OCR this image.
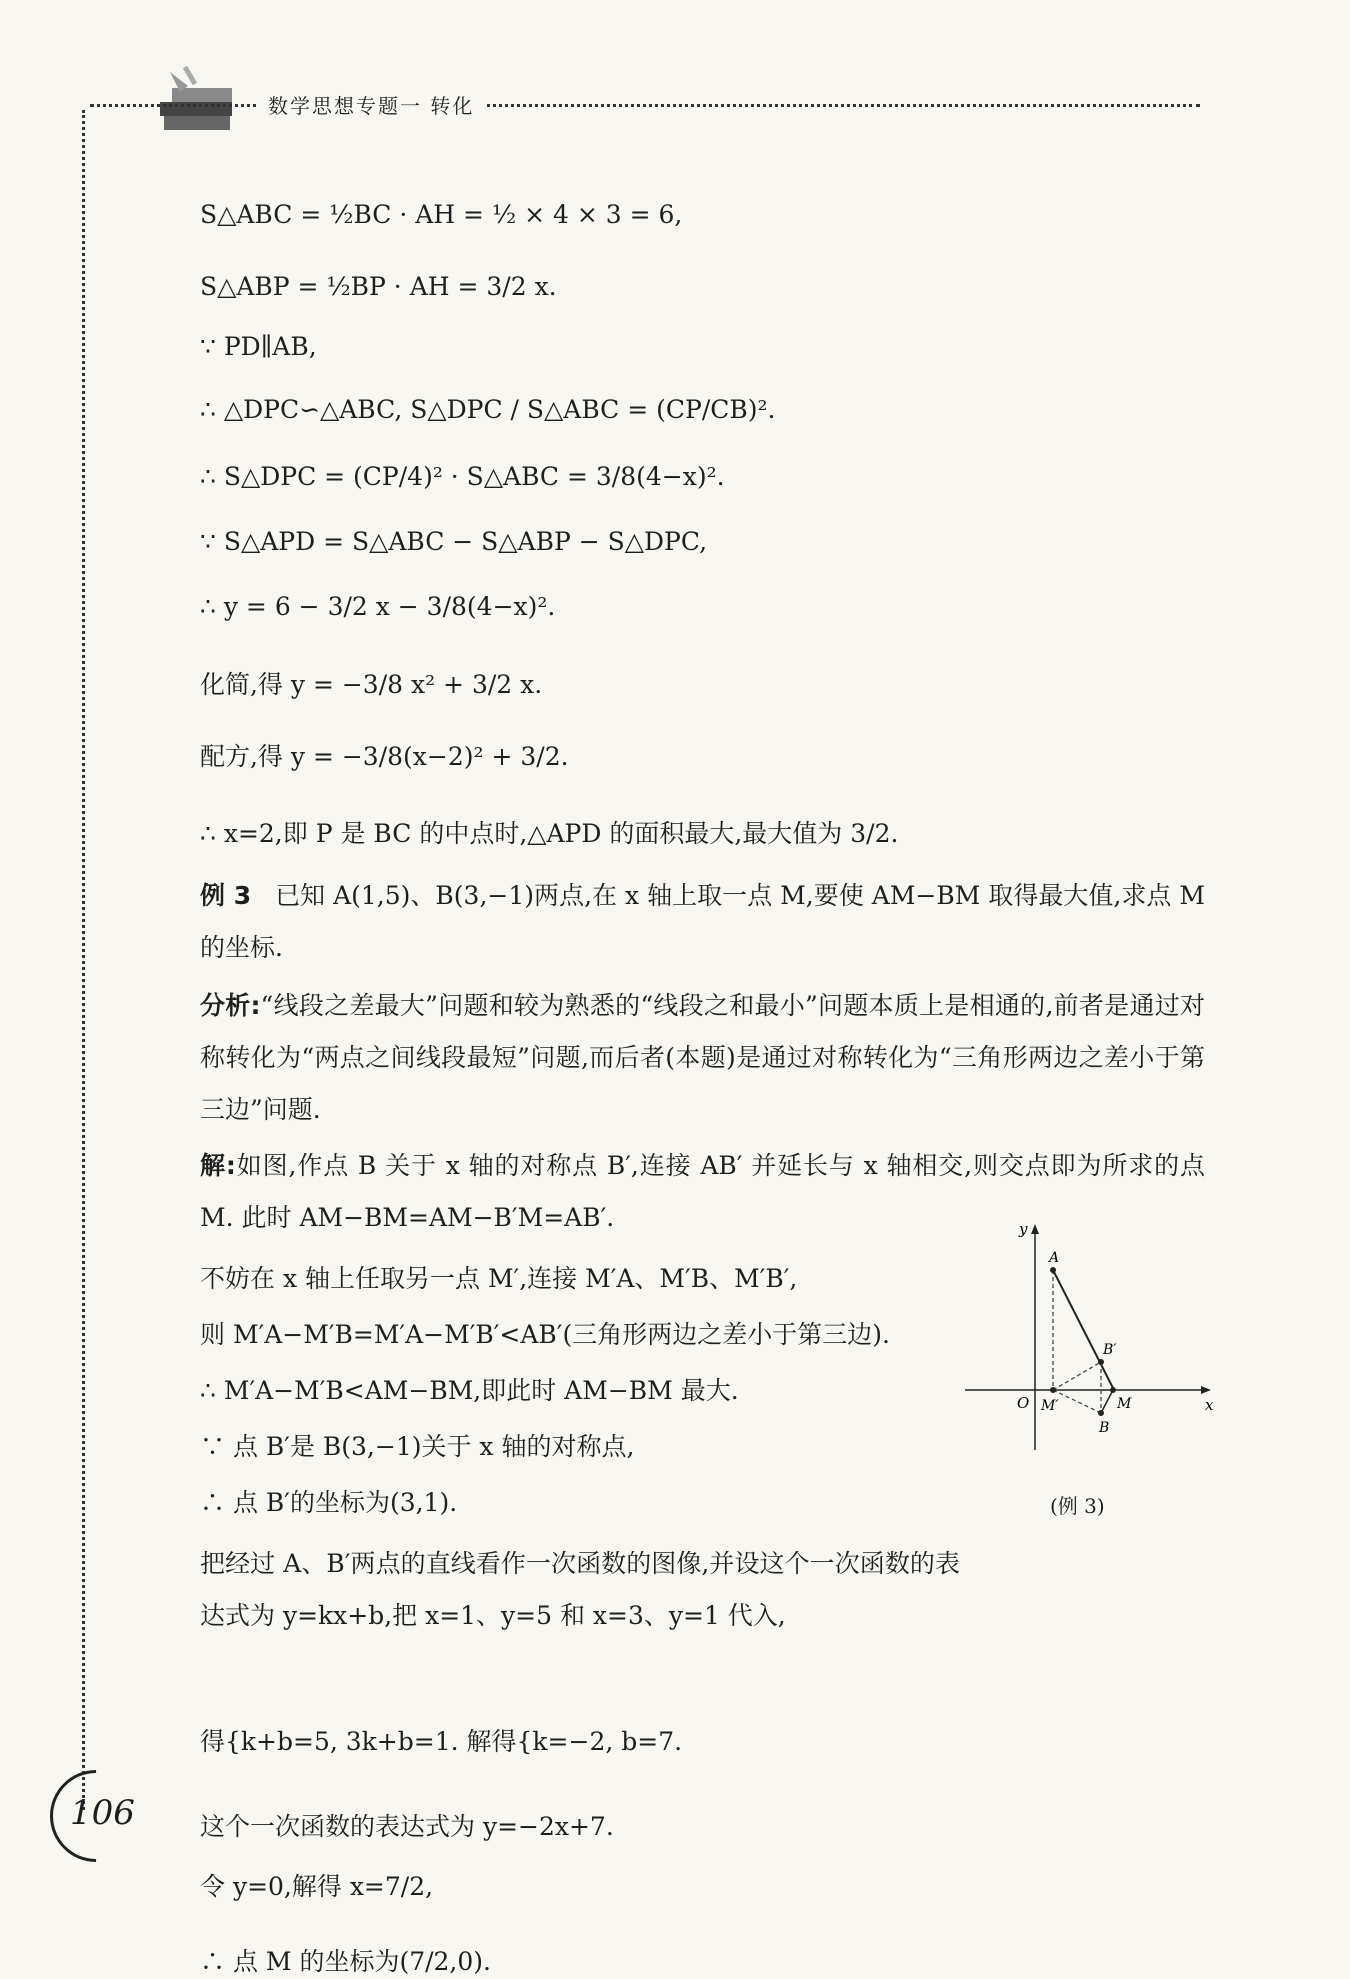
数学思想专题一 转化
S△ABC = ½BC · AH = ½ × 4 × 3 = 6,
S△ABP = ½BP · AH = 3/2 x.
∵ PD∥AB,
∴ △DPC∽△ABC, S△DPC / S△ABC = (CP/CB)².
∴ S△DPC = (CP/4)² · S△ABC = 3/8(4−x)².
∵ S△APD = S△ABC − S△ABP − S△DPC,
∴ y = 6 − 3/2 x − 3/8(4−x)².
化简,得 y = −3/8 x² + 3/2 x.
配方,得 y = −3/8(x−2)² + 3/2.
∴ x=2,即 P 是 BC 的中点时,△APD 的面积最大,最大值为 3/2.
例 3 已知 A(1,5)、B(3,−1)两点,在 x 轴上取一点 M,要使 AM−BM 取得最大值,求点 M 的坐标.
分析:“线段之差最大”问题和较为熟悉的“线段之和最小”问题本质上是相通的,前者是通过对称转化为“两点之间线段最短”问题,而后者(本题)是通过对称转化为“三角形两边之差小于第三边”问题.
解:如图,作点 B 关于 x 轴的对称点 B′,连接 AB′ 并延长与 x 轴相交,则交点即为所求的点 M. 此时 AM−BM=AM−B′M=AB′.
不妨在 x 轴上任取另一点 M′,连接 M′A、M′B、M′B′,
则 M′A−M′B=M′A−M′B′<AB′(三角形两边之差小于第三边).
∴ M′A−M′B<AM−BM,即此时 AM−BM 最大.
∵ 点 B′是 B(3,−1)关于 x 轴的对称点,
∴ 点 B′的坐标为(3,1).
把经过 A、B′两点的直线看作一次函数的图像,并设这个一次函数的表达式为 y=kx+b,把 x=1、y=5 和 x=3、y=1 代入,
得{k+b=5, 3k+b=1. 解得{k=−2, b=7.
这个一次函数的表达式为 y=−2x+7.
令 y=0,解得 x=7/2,
∴ 点 M 的坐标为(7/2,0).
y
x
O
A
B
B′
M
M′
(例 3)
106
